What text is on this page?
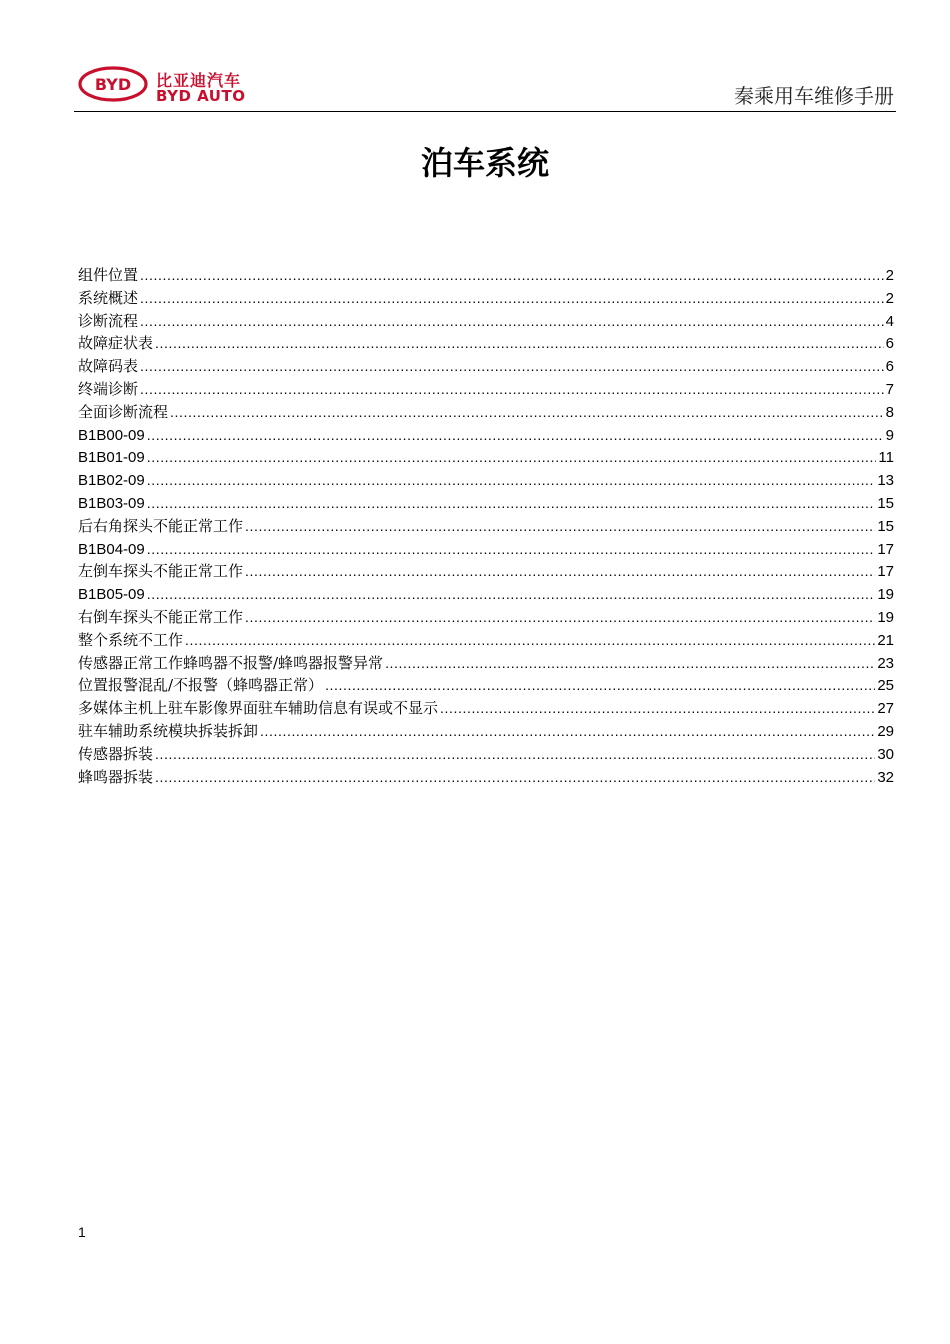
BYD 比亚迪汽车
BYD AUTO	秦乘用车维修手册
泊车系统
组件位置 .....	2
系统概述 .....	2
诊断流程 .....	4
故障症状表 .....	6
故障码表 .....	6
终端诊断 .....	7
全面诊断流程 .....	8
B1B00-09 .....	9
B1B01-09 .....	11
B1B02-09 .....	13
B1B03-09 .....	15
后右角探头不能正常工作 .....	15
B1B04-09 .....	17
左倒车探头不能正常工作 .....	17
B1B05-09 .....	19
右倒车探头不能正常工作 .....	19
整个系统不工作 .....	21
传感器正常工作蜂鸣器不报警/蜂鸣器报警异常 .....	23
位置报警混乱/不报警（蜂鸣器正常） .....	25
多媒体主机上驻车影像界面驻车辅助信息有误或不显示 .....	27
驻车辅助系统模块拆装拆卸 .....	29
传感器拆装 .....	30
蜂鸣器拆装 .....	32
1
